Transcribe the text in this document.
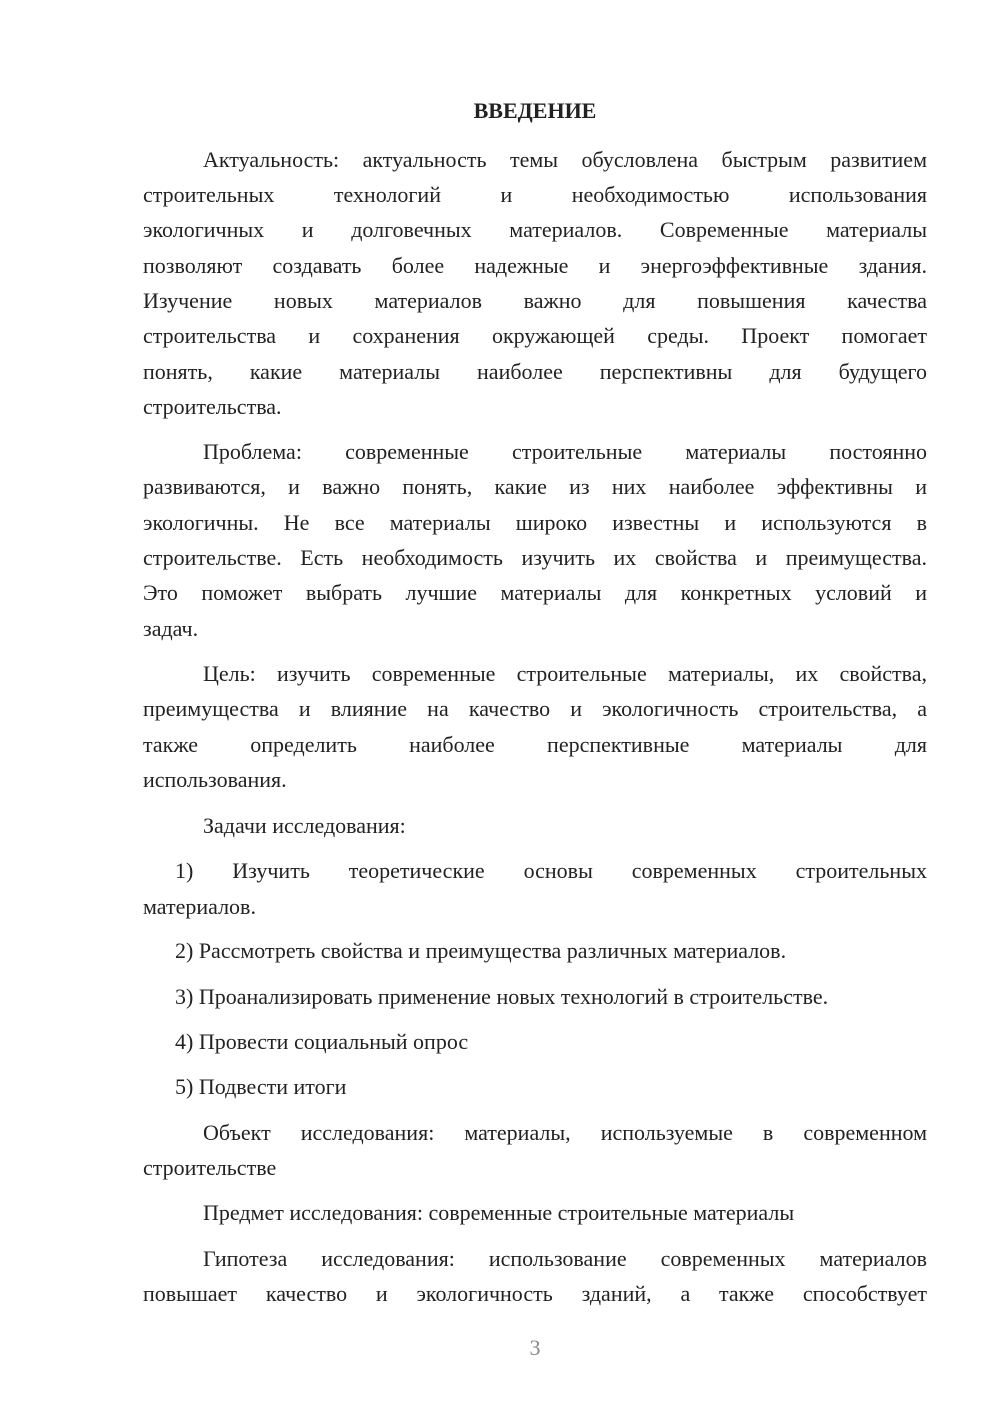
ВВЕДЕНИЕ
Актуальность: актуальность темы обусловлена быстрым развитием
строительных технологий и необходимостью использования
экологичных и долговечных материалов. Современные материалы
позволяют создавать более надежные и энергоэффективные здания.
Изучение новых материалов важно для повышения качества
строительства и сохранения окружающей среды. Проект помогает
понять, какие материалы наиболее перспективны для будущего
строительства.
Проблема: современные строительные материалы постоянно
развиваются, и важно понять, какие из них наиболее эффективны и
экологичны. Не все материалы широко известны и используются в
строительстве. Есть необходимость изучить их свойства и преимущества.
Это поможет выбрать лучшие материалы для конкретных условий и
задач.
Цель: изучить современные строительные материалы, их свойства,
преимущества и влияние на качество и экологичность строительства, а
также определить наиболее перспективные материалы для
использования.
Задачи исследования:
1) Изучить теоретические основы современных строительных
материалов.
2) Рассмотреть свойства и преимущества различных материалов.
3) Проанализировать применение новых технологий в строительстве.
4) Провести социальный опрос
5) Подвести итоги
Объект исследования: материалы, используемые в современном
строительстве
Предмет исследования: современные строительные материалы
Гипотеза исследования: использование современных материалов
повышает качество и экологичность зданий, а также способствует
3
